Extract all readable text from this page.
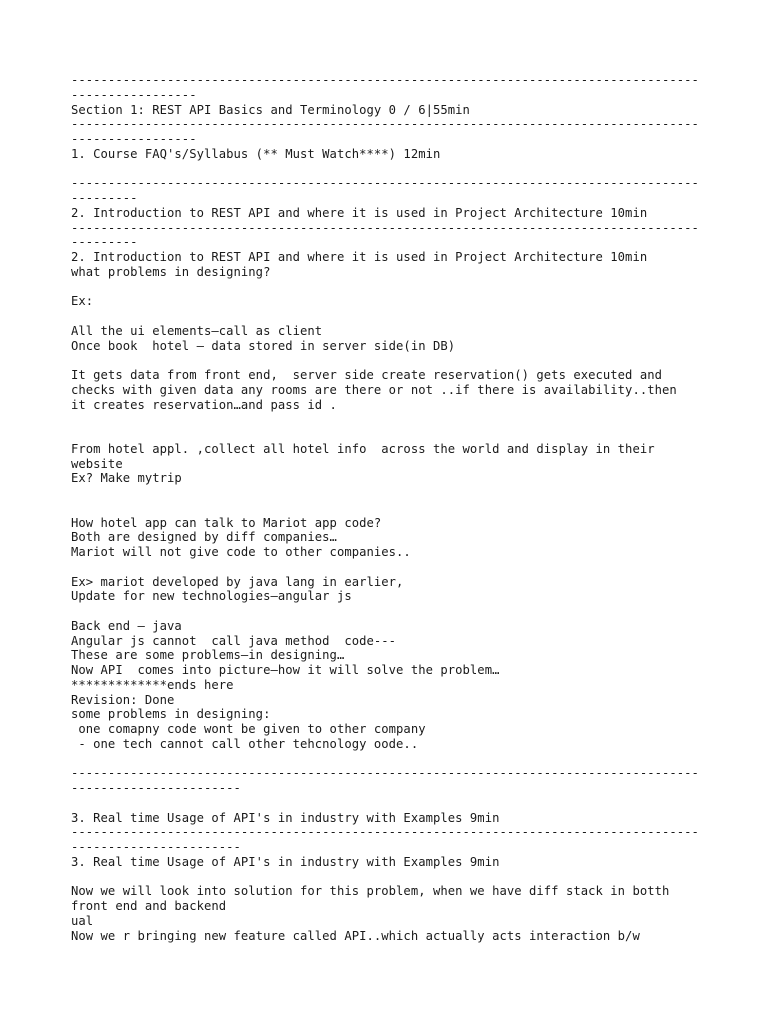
-------------------------------------------------------------------------------------
-----------------
Section 1: REST API Basics and Terminology 0 / 6|55min
-------------------------------------------------------------------------------------
-----------------
1. Course FAQ's/Syllabus (** Must Watch****) 12min
-------------------------------------------------------------------------------------
---------
2. Introduction to REST API and where it is used in Project Architecture 10min
-------------------------------------------------------------------------------------
---------
2. Introduction to REST API and where it is used in Project Architecture 10min
what problems in designing?
Ex:
All the ui elements—call as client
Once book  hotel – data stored in server side(in DB)
It gets data from front end,  server side create reservation() gets executed and
checks with given data any rooms are there or not ..if there is availability..then
it creates reservation…and pass id .
From hotel appl. ,collect all hotel info  across the world and display in their
website
Ex? Make mytrip
How hotel app can talk to Mariot app code?
Both are designed by diff companies…
Mariot will not give code to other companies..
Ex> mariot developed by java lang in earlier,
Update for new technologies—angular js
Back end – java
Angular js cannot  call java method  code---
These are some problems—in designing…
Now API  comes into picture—how it will solve the problem…
*************ends here
Revision: Done
some problems in designing:
one comapny code wont be given to other company
- one tech cannot call other tehcnology oode..
-------------------------------------------------------------------------------------
-----------------------
3. Real time Usage of API's in industry with Examples 9min
-------------------------------------------------------------------------------------
-----------------------
3. Real time Usage of API's in industry with Examples 9min
Now we will look into solution for this problem, when we have diff stack in botth
front end and backend
ual
Now we r bringing new feature called API..which actually acts interaction b/w
